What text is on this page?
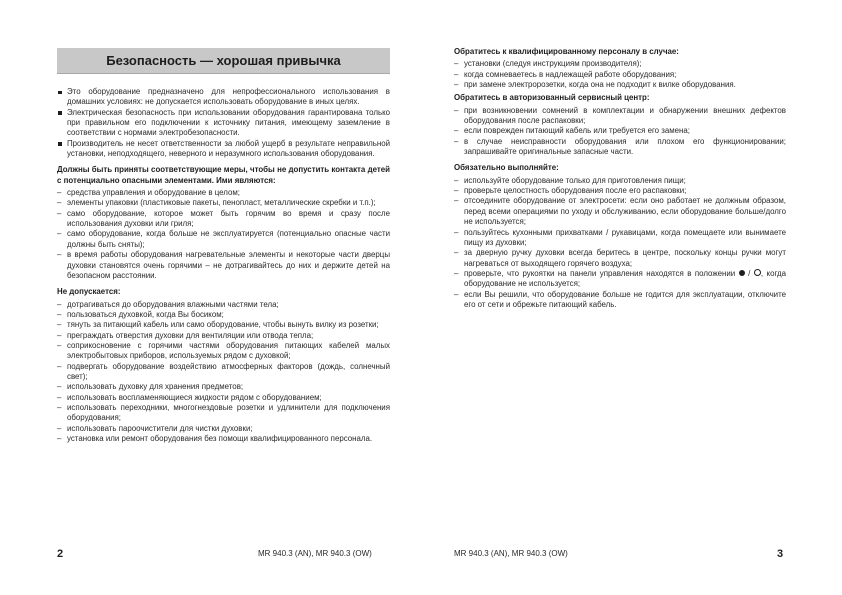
Безопасность — хорошая привычка
Это оборудование предназначено для непрофессионального использования в домашних условиях: не допускается использовать оборудование в иных целях.
Электрическая безопасность при использовании оборудования гарантирована только при правильном его подключении к источнику питания, имеющему заземление в соответствии с нормами электробезопасности.
Производитель не несет ответственности за любой ущерб в результате неправильной установки, неподходящего, неверного и неразумного использования оборудования.
Должны быть приняты соответствующие меры, чтобы не допустить контакта детей с потенциально опасными элементами. Ими являются:
– средства управления и оборудование в целом;
– элементы упаковки (пластиковые пакеты, пенопласт, металлические скребки и т.п.);
– само оборудование, которое может быть горячим во время и сразу после использования духовки или гриля;
– само оборудование, когда больше не эксплуатируется (потенциально опасные части должны быть сняты);
– в время работы оборудования нагревательные элементы и некоторые части дверцы духовки становятся очень горячими – не дотрагивайтесь до них и держите детей на безопасном расстоянии.
Не допускается:
– дотрагиваться до оборудования влажными частями тела;
– пользоваться духовкой, когда Вы босиком;
– тянуть за питающий кабель или само оборудование, чтобы вынуть вилку из розетки;
– преграждать отверстия духовки для вентиляции или отвода тепла;
– соприкосновение с горячими частями оборудования питающих кабелей малых электробытовых приборов, используемых рядом с духовкой;
– подвергать оборудование воздействию атмосферных факторов (дождь, солнечный свет);
– использовать духовку для хранения предметов;
– использовать воспламеняющиеся жидкости рядом с оборудованием;
– использовать переходники, многогнездовые розетки и удлинители для подключения оборудования;
– использовать пароочистители для чистки духовки;
– установка или ремонт оборудования без помощи квалифицированного персонала.
2	MR 940.3 (AN), MR 940.3 (OW)
Обратитесь к квалифицированному персоналу в случае:
– установки (следуя инструкциям производителя);
– когда сомневаетесь в надлежащей работе оборудования;
– при замене электророзетки, когда она не подходит к вилке оборудования.
Обратитесь в авторизованный сервисный центр:
– при возникновении сомнений в комплектации и обнаружении внешних дефектов оборудования после распаковки;
– если поврежден питающий кабель или требуется его замена;
– в случае неисправности оборудования или плохом его функционировании; запрашивайте оригинальные запасные части.
Обязательно выполняйте:
– используйте оборудование только для приготовления пищи;
– проверьте целостность оборудования после его распаковки;
– отсоедините оборудование от электросети: если оно работает не должным образом, перед всеми операциями по уходу и обслуживанию, если оборудование больше/долго не используется;
– пользуйтесь кухонными прихватками / рукавицами, когда помещаете или вынимаете пищу из духовки;
– за дверную ручку духовки всегда беритесь в центре, поскольку концы ручки могут нагреваться от выходящего горячего воздуха;
– проверьте, что рукоятки на панели управления находятся в положении / , когда оборудование не используется;
– если Вы решили, что оборудование больше не годится для эксплуатации, отключите его от сети и обрежьте питающий кабель.
MR 940.3 (AN), MR 940.3 (OW)	3
